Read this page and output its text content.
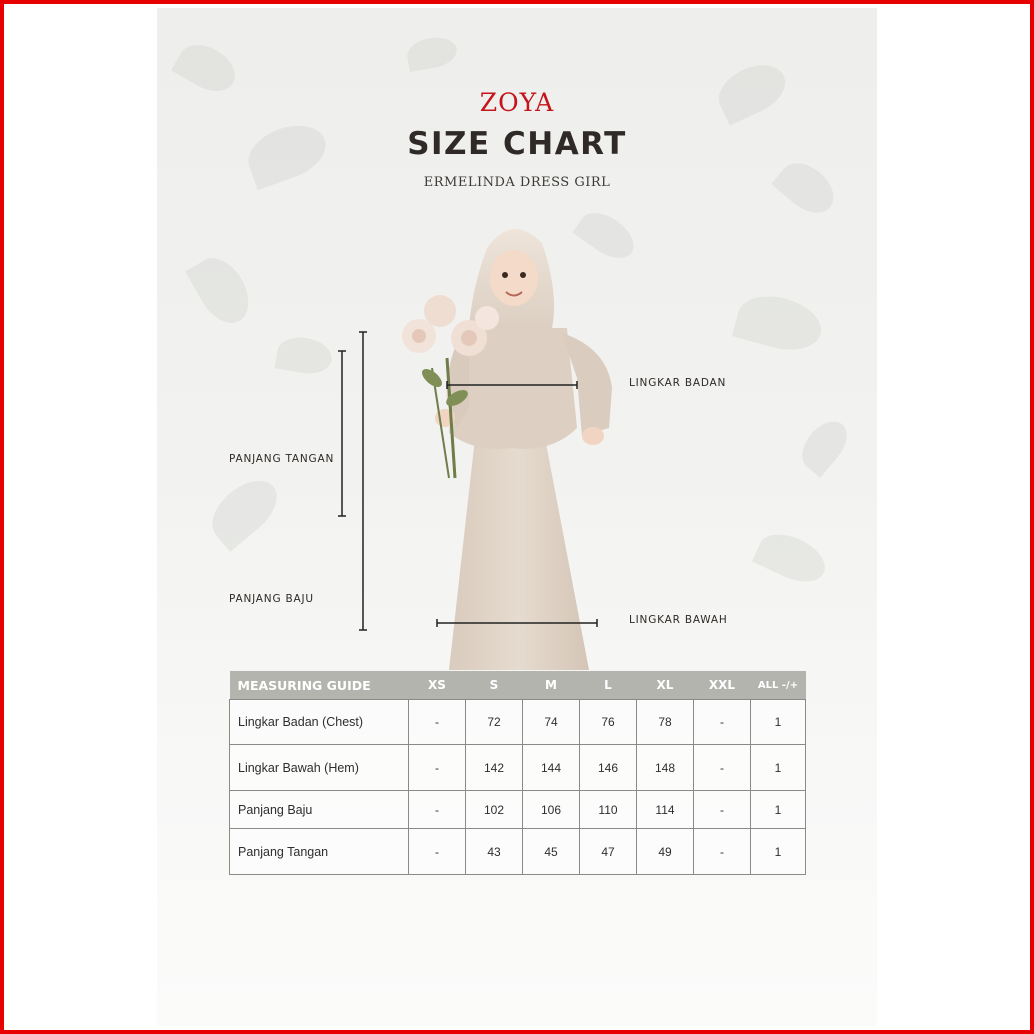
ZOYA
SIZE CHART
ERMELINDA DRESS GIRL
LINGKAR BADAN
PANJANG TANGAN
PANJANG BAJU
LINGKAR BAWAH
MEASURING GUIDE	XS	S	M	L	XL	XXL	ALL -/+
Lingkar Badan (Chest)	-	72	74	76	78	-	1
Lingkar Bawah (Hem)	-	142	144	146	148	-	1
Panjang Baju	-	102	106	110	114	-	1
Panjang Tangan	-	43	45	47	49	-	1
